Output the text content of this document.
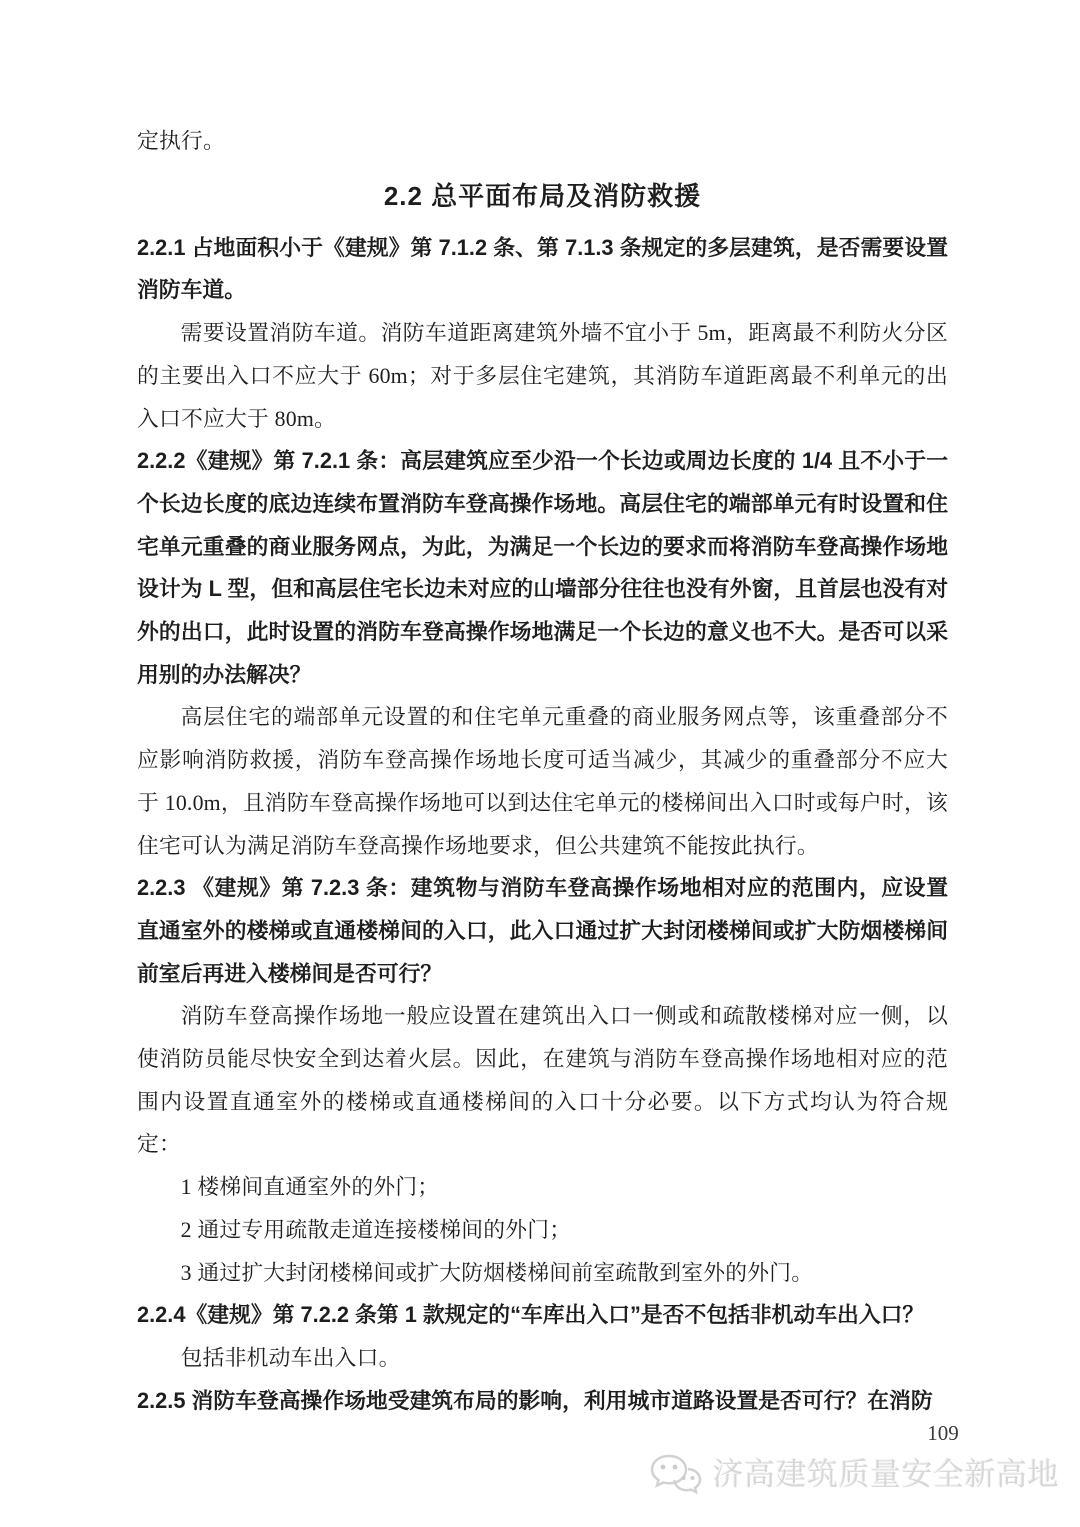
定执行。
2.2 总平面布局及消防救援
2.2.1 占地面积小于《建规》第 7.1.2 条、第 7.1.3 条规定的多层建筑，是否需要设置消防车道。
需要设置消防车道。消防车道距离建筑外墙不宜小于 5m，距离最不利防火分区的主要出入口不应大于 60m；对于多层住宅建筑，其消防车道距离最不利单元的出入口不应大于 80m。
2.2.2《建规》第 7.2.1 条：高层建筑应至少沿一个长边或周边长度的 1/4 且不小于一个长边长度的底边连续布置消防车登高操作场地。高层住宅的端部单元有时设置和住宅单元重叠的商业服务网点，为此，为满足一个长边的要求而将消防车登高操作场地设计为 L 型，但和高层住宅长边未对应的山墙部分往往也没有外窗，且首层也没有对外的出口，此时设置的消防车登高操作场地满足一个长边的意义也不大。是否可以采用别的办法解决？
高层住宅的端部单元设置的和住宅单元重叠的商业服务网点等，该重叠部分不应影响消防救援，消防车登高操作场地长度可适当减少，其减少的重叠部分不应大于 10.0m，且消防车登高操作场地可以到达住宅单元的楼梯间出入口时或每户时，该住宅可认为满足消防车登高操作场地要求，但公共建筑不能按此执行。
2.2.3 《建规》第 7.2.3 条：建筑物与消防车登高操作场地相对应的范围内，应设置直通室外的楼梯或直通楼梯间的入口，此入口通过扩大封闭楼梯间或扩大防烟楼梯间前室后再进入楼梯间是否可行？
消防车登高操作场地一般应设置在建筑出入口一侧或和疏散楼梯对应一侧，以使消防员能尽快安全到达着火层。因此，在建筑与消防车登高操作场地相对应的范围内设置直通室外的楼梯或直通楼梯间的入口十分必要。以下方式均认为符合规定：
1 楼梯间直通室外的外门；
2 通过专用疏散走道连接楼梯间的外门；
3 通过扩大封闭楼梯间或扩大防烟楼梯间前室疏散到室外的外门。
2.2.4《建规》第 7.2.2 条第 1 款规定的“车库出入口”是否不包括非机动车出入口？
包括非机动车出入口。
2.2.5 消防车登高操作场地受建筑布局的影响，利用城市道路设置是否可行？在消防
109
济高建筑质量安全新高地
